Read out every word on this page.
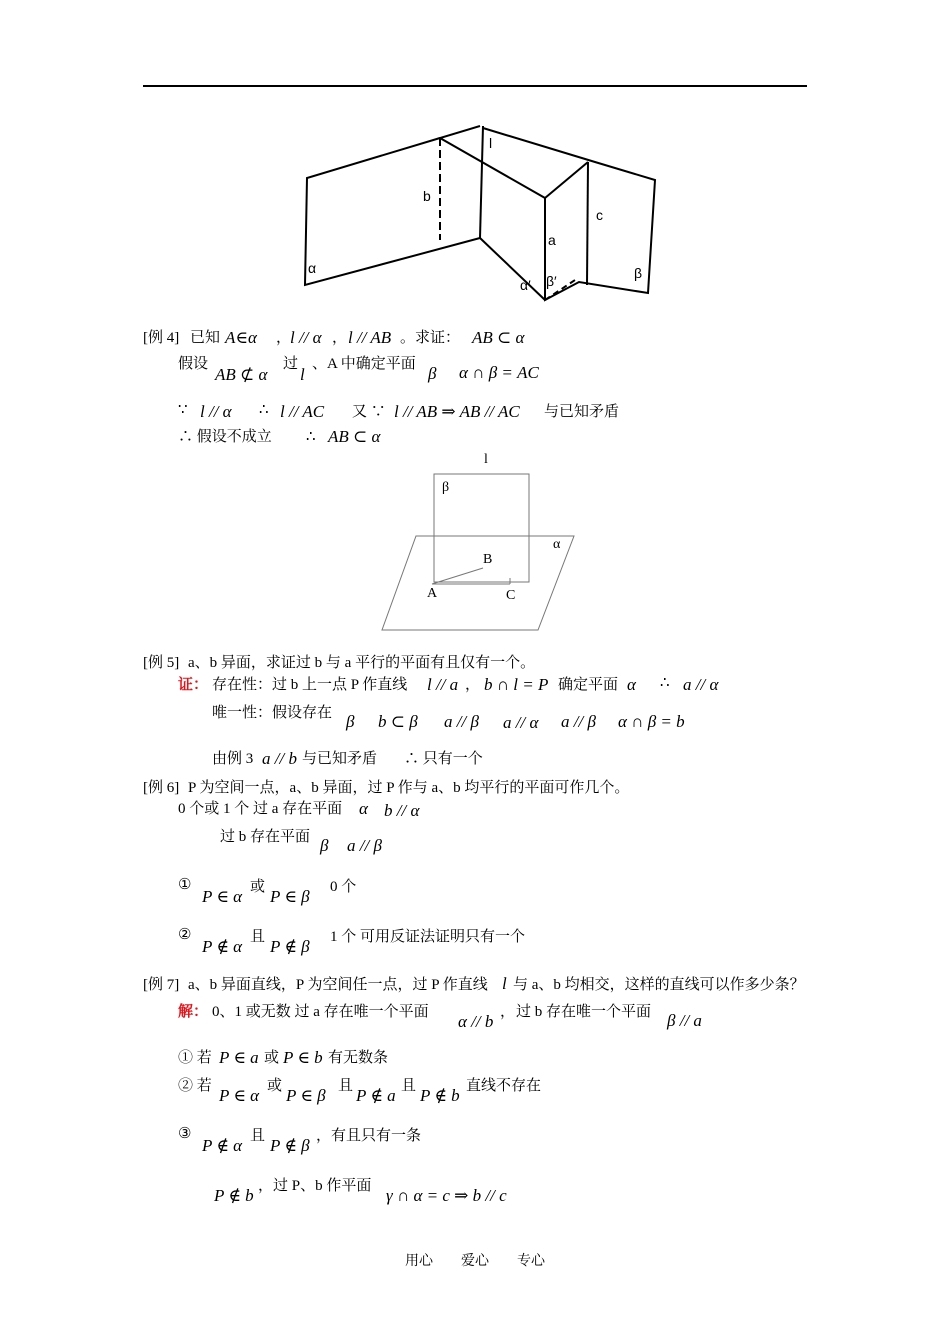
l
b
c
a
α
α′ β′	β
[例 4] 已知 A∈α ，
l // α ， l // AB 。求证： AB ⊂ α
假设
AB ⊄ α
过
l
、A 中确定平面 β α ∩ β = AC
∵ l // α ∴ l // AC 又 ∵ l // AB ⇒ AB // AC 与已知矛盾
∴ 假设不成立 ∴ AB ⊂ α
l
β
α
B
A	C
[例 5] a、b 异面，求证过 b 与 a 平行的平面有且仅有一个。
证： 存在性：过 b 上一点 P 作直线 l // a ， b ∩ l = P 确定平面 α ∴ a // α
唯一性：假设存在 β b ⊂ β a // β a // α a // β α ∩ β = b
由例 3 a // b 与已知矛盾 ∴ 只有一个
[例 6] P 为空间一点，a、b 异面，过 P 作与 a、b 均平行的平面可作几个。
0 个或 1 个 过 a 存在平面 α b // α
过 b 存在平面 β a // β
①
P ∈ α 或 P ∈ β 0 个
②
P ∉ α 且 P ∉ β 1 个 可用反证法证明只有一个
[例 7] a、b 异面直线，P 为空间任一点，过 P 作直线 l 与 a、b 均相交，这样的直线可以作多少条？
解： 0、1 或无数 过 a 存在唯一个平面 α // b ， 过 b 存在唯一个平面 β // a
① 若 P ∈ a 或 P ∈ b 有无数条
② 若 P ∈ α 或 P ∈ β 且 P ∉ a 且 P ∉ b 直线不存在
③
P ∉ α 且 P ∉ β ，有且只有一条
P ∉ b ，过 P、b 作平面 γ ∩ α = c ⇒ b // c
用心　　爱心　　专心
